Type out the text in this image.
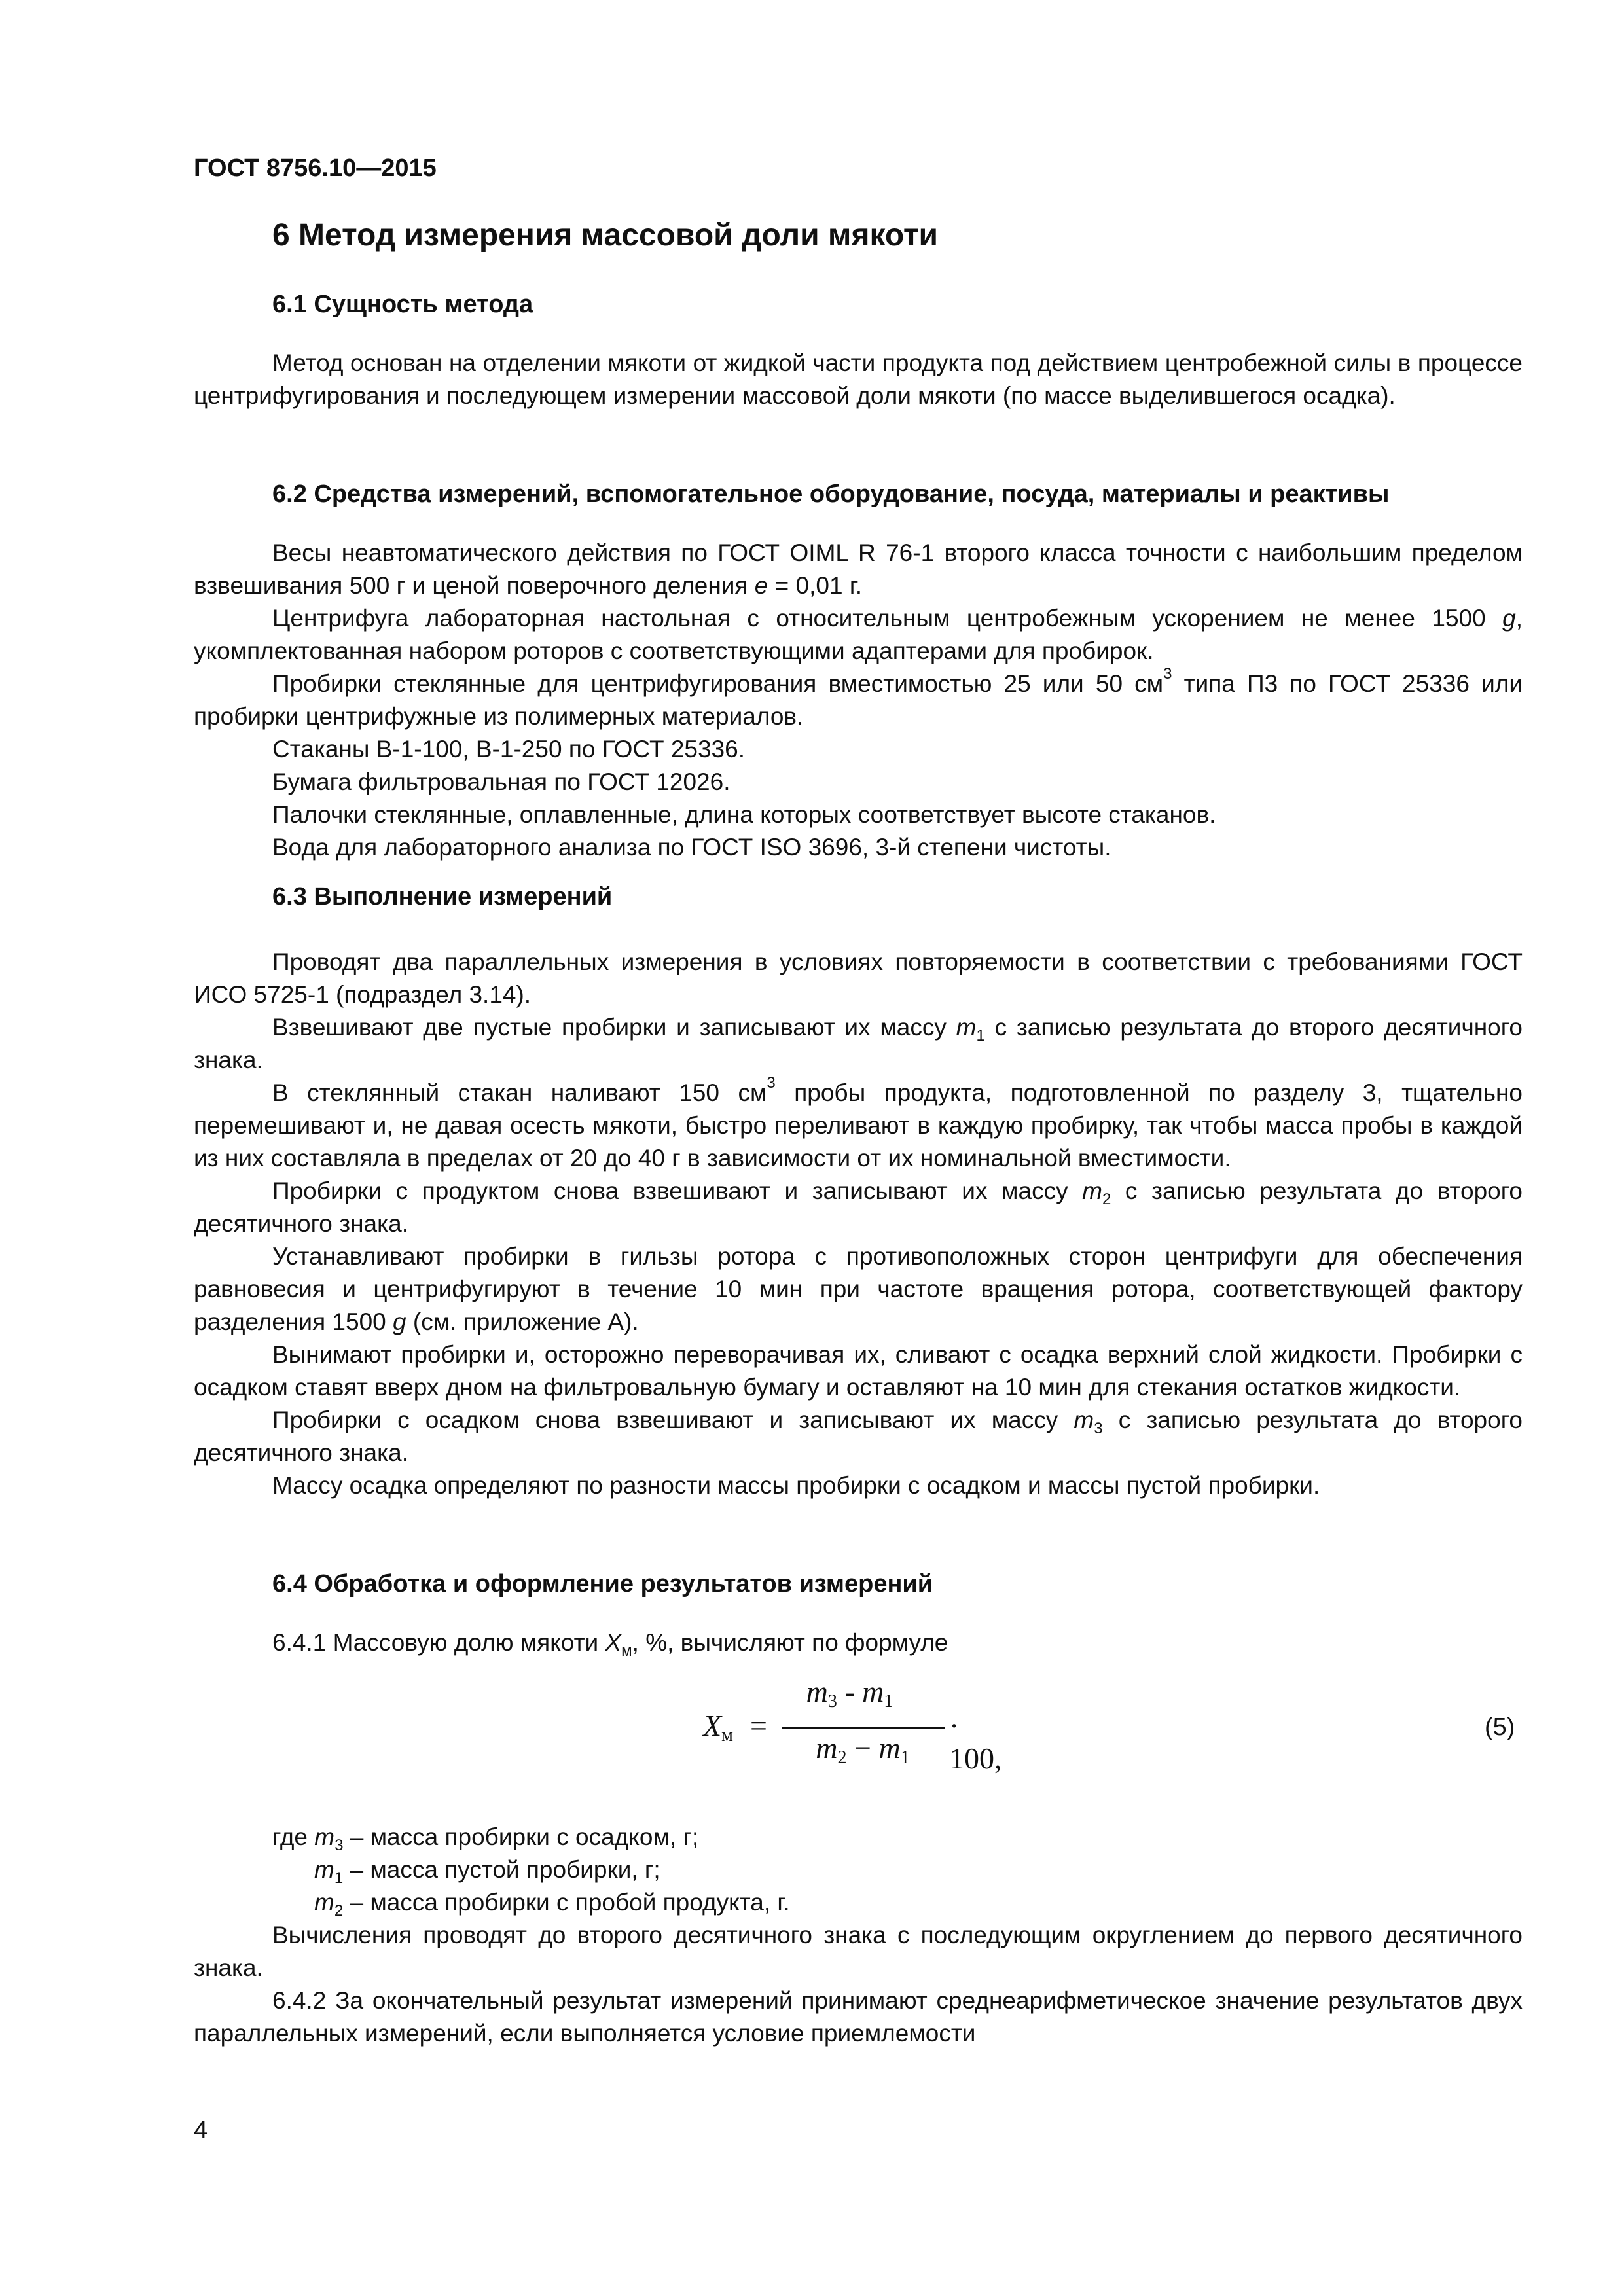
ГОСТ 8756.10—2015
6 Метод измерения массовой доли мякоти
6.1 Сущность метода

Метод основан на отделении мякоти от жидкой части продукта под действием центробежной силы в процессе центрифугирования и последующем измерении массовой доли мякоти (по массе выделившегося осадка).

6.2 Средства измерений, вспомогательное оборудование, посуда, материалы и реактивы

Весы неавтоматического действия по ГОСТ OIML R 76-1 второго класса точности с наибольшим пределом взвешивания 500 г и ценой поверочного деления e = 0,01 г.

Центрифуга лабораторная настольная с относительным центробежным ускорением не менее 1500 g, укомплектованная набором роторов с соответствующими адаптерами для пробирок.

Пробирки стеклянные для центрифугирования вместимостью 25 или 50 $см^3$ типа П3 по ГОСТ 25336 или пробирки центрифужные из полимерных материалов.

Стаканы В-1-100, В-1-250 по ГОСТ 25336.

Бумага фильтровальная по ГОСТ 12026.

Палочки стеклянные, оплавленные, длина которых соответствует высоте стаканов.

Вода для лабораторного анализа по ГОСТ ISO 3696, 3-й степени чистоты.

6.3 Выполнение измерений

Проводят два параллельных измерения в условиях повторяемости в соответствии с требованиями ГОСТ ИСО 5725-1 (подраздел 3.14).

Взвешивают две пустые пробирки и записывают их массу $m_1$ с записью результата до второго десятичного знака.

В стеклянный стакан наливают 150 $см^3$ пробы продукта, подготовленной по разделу 3, тщательно перемешивают и, не давая осесть мякоти, быстро переливают в каждую пробирку, так чтобы масса пробы в каждой из них составляла в пределах от 20 до 40 г в зависимости от их номинальной вместимости.

Пробирки с продуктом снова взвешивают и записывают их массу $m_2$ с записью результата до второго десятичного знака.

Устанавливают пробирки в гильзы ротора с противоположных сторон центрифуги для обеспечения равновесия и центрифугируют в течение 10 мин при частоте вращения ротора, соответствующей фактору разделения 1500 g (см. приложение А).

Вынимают пробирки и, осторожно переворачивая их, сливают с осадка верхний слой жидкости. Пробирки с осадком ставят вверх дном на фильтровальную бумагу и оставляют на 10 мин для стекания остатков жидкости.

Пробирки с осадком снова взвешивают и записывают их массу $m_3$ с записью результата до второго десятичного знака.

Массу осадка определяют по разности массы пробирки с осадком и массы пустой пробирки.

6.4 Обработка и оформление результатов измерений
6.4.1 Массовую долю мякоти $X_м$, %, вычисляют по формуле
$X_м$ =
$m_3 - m_1$
$m_2 - m_1$
· 100,
(5)
где $m_3$ – масса пробирки с осадком, г;
$m_1$ – масса пустой пробирки, г;
$m_2$ – масса пробирки с пробой продукта, г.

Вычисления проводят до второго десятичного знака с последующим округлением до первого десятичного знака.

6.4.2 За окончательный результат измерений принимают среднеарифметическое значение результатов двух параллельных измерений, если выполняется условие приемлемости

4
